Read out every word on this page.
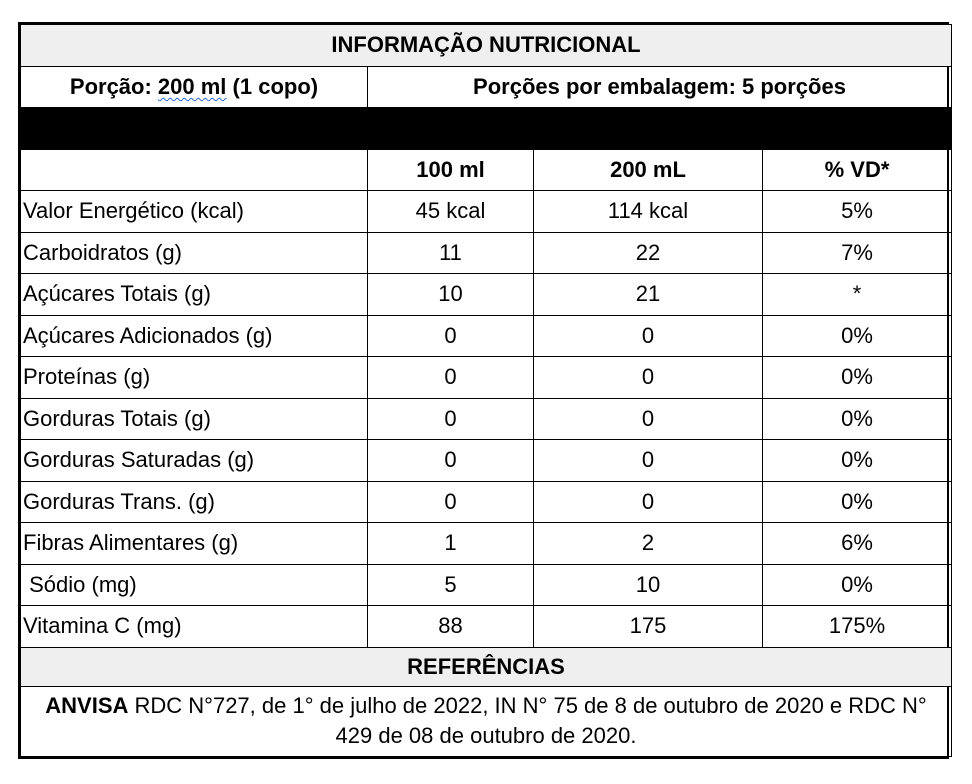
INFORMAÇÃO NUTRICIONAL			
Porção: 200 ml (1 copo)	Porções por embalagem: 5 porções		

	100 ml	200 mL	% VD*
Valor Energético (kcal)	45 kcal	114 kcal	5%
Carboidratos (g)	11	22	7%
Açúcares Totais (g)	10	21	*
Açúcares Adicionados (g)	0	0	0%
Proteínas (g)	0	0	0%
Gorduras Totais (g)	0	0	0%
Gorduras Saturadas (g)	0	0	0%
Gorduras Trans. (g)	0	0	0%
Fibras Alimentares (g)	1	2	6%
Sódio (mg)	5	10	0%
Vitamina C (mg)	88	175	175%
REFERÊNCIAS			
ANVISA RDC N°727, de 1° de julho de 2022, IN N° 75 de 8 de outubro de 2020 e RDC N° 429 de 08 de outubro de 2020.			
